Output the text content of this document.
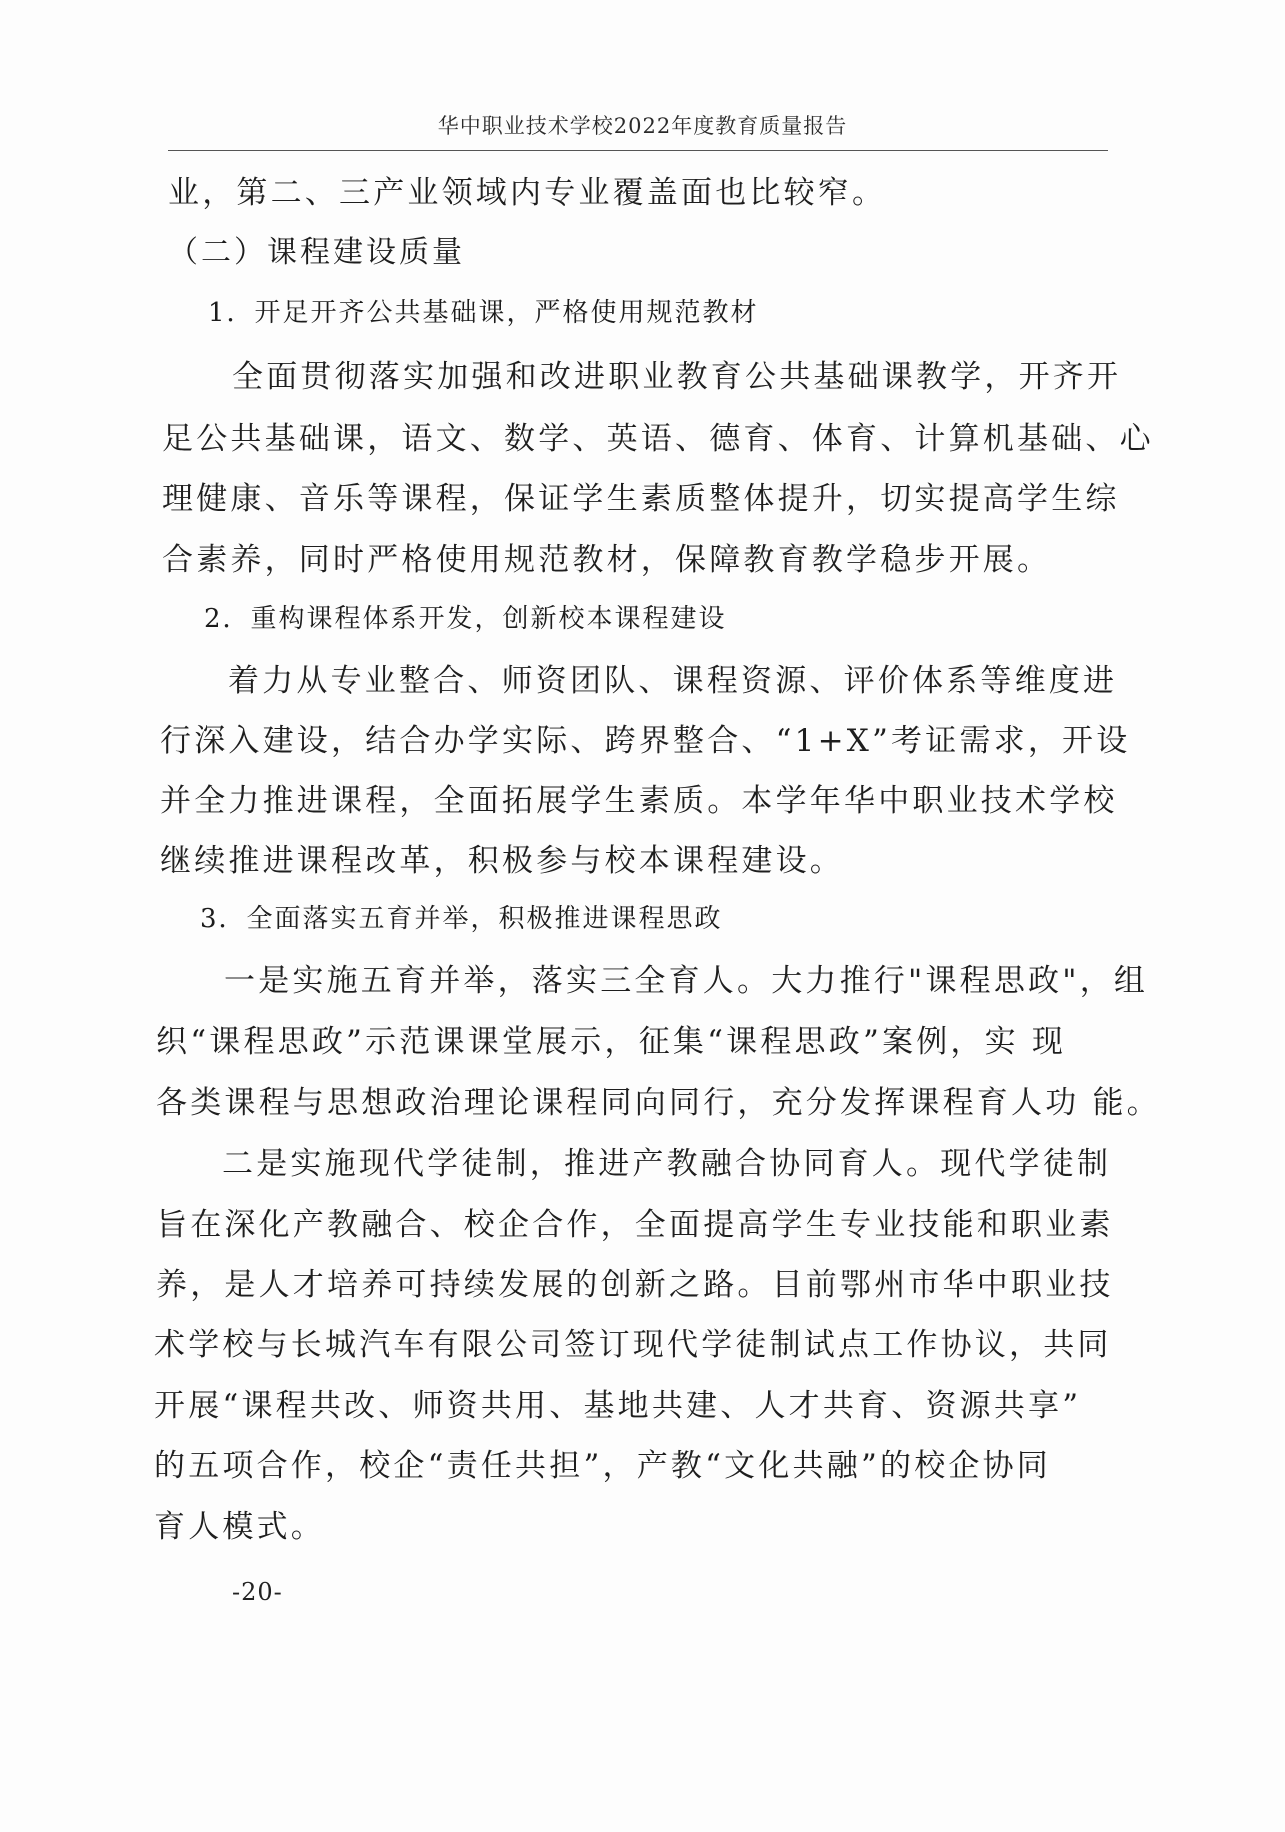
华中职业技术学校2022年度教育质量报告
业，第二、三产业领域内专业覆盖面也比较窄。
（二）课程建设质量
1．开足开齐公共基础课，严格使用规范教材
全面贯彻落实加强和改进职业教育公共基础课教学，开齐开
足公共基础课，语文、数学、英语、德育、体育、计算机基础、心
理健康、音乐等课程，保证学生素质整体提升，切实提高学生综
合素养，同时严格使用规范教材，保障教育教学稳步开展。
2．重构课程体系开发，创新校本课程建设
着力从专业整合、师资团队、课程资源、评价体系等维度进
行深入建设，结合办学实际、跨界整合、“1+X”考证需求，开设
并全力推进课程，全面拓展学生素质。本学年华中职业技术学校
继续推进课程改革，积极参与校本课程建设。
3．全面落实五育并举，积极推进课程思政
一是实施五育并举，落实三全育人。大力推行"课程思政"，组
织“课程思政”示范课课堂展示，征集“课程思政”案例，实 现
各类课程与思想政治理论课程同向同行，充分发挥课程育人功 能。
二是实施现代学徒制，推进产教融合协同育人。现代学徒制
旨在深化产教融合、校企合作，全面提高学生专业技能和职业素
养，是人才培养可持续发展的创新之路。目前鄂州市华中职业技
术学校与长城汽车有限公司签订现代学徒制试点工作协议，共同
开展“课程共改、师资共用、基地共建、人才共育、资源共享”
的五项合作，校企“责任共担”，产教“文化共融”的校企协同
育人模式。
-20-
